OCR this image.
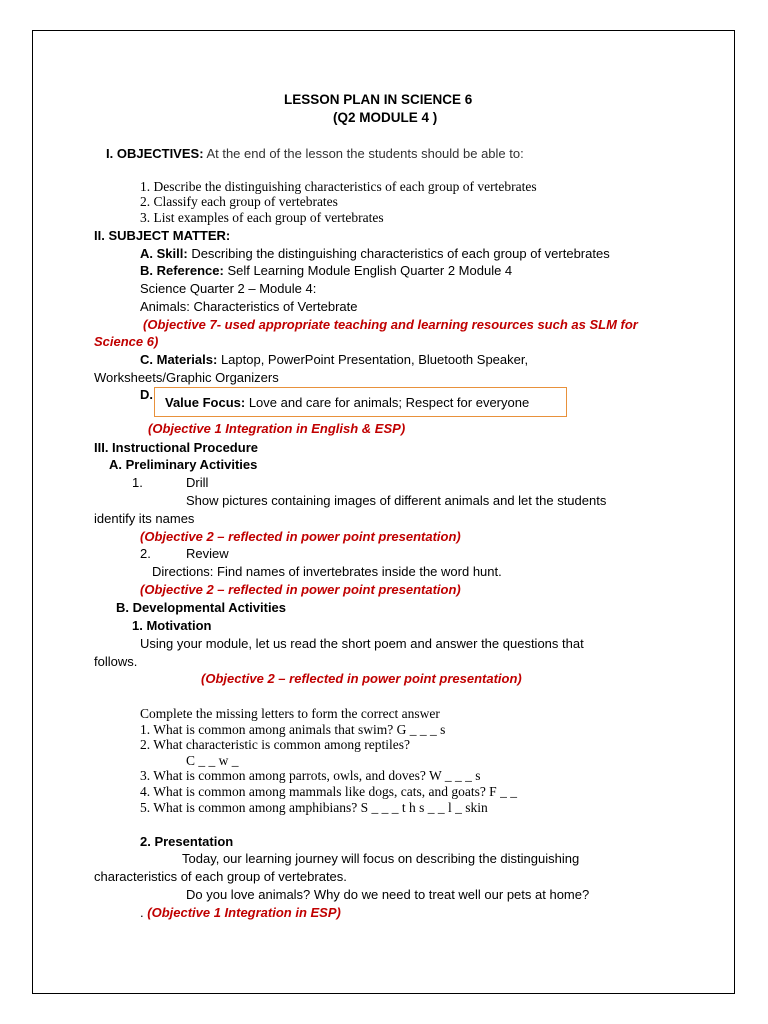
LESSON PLAN IN SCIENCE 6
(Q2 MODULE 4 )
I. OBJECTIVES: At the end of the lesson the students should be able to:
1. Describe the distinguishing characteristics of each group of vertebrates
2. Classify each group of vertebrates
3. List examples of each group of vertebrates
II. SUBJECT MATTER:
A. Skill: Describing the distinguishing characteristics of each group of vertebrates
B. Reference: Self Learning Module English Quarter 2 Module 4
Science Quarter 2 – Module 4:
Animals: Characteristics of Vertebrate
(Objective 7- used appropriate teaching and learning resources such as SLM for
Science 6)
C. Materials: Laptop, PowerPoint Presentation, Bluetooth Speaker,
Worksheets/Graphic Organizers
D.
Value Focus: Love and care for animals; Respect for everyone
(Objective 1 Integration in English & ESP)
III. Instructional Procedure
A. Preliminary Activities
1.	Drill
Show pictures containing images of different animals and let the students
identify its names
(Objective 2 – reflected in power point presentation)
2.	Review
Directions: Find names of invertebrates inside the word hunt.
(Objective 2 – reflected in power point presentation)
B. Developmental Activities
1. Motivation
Using your module, let us read the short poem and answer the questions that
follows.
(Objective 2 – reflected in power point presentation)
Complete the missing letters to form the correct answer
1. What is common among animals that swim? G _ _ _ s
2. What characteristic is common among reptiles?
C _ _ w _
3. What is common among parrots, owls, and doves? W _ _ _ s
4. What is common among mammals like dogs, cats, and goats? F _ _
5. What is common among amphibians? S _ _ _ t h s _ _ l _ skin
2. Presentation
Today, our learning journey will focus on describing the distinguishing
characteristics of each group of vertebrates.
Do you love animals? Why do we need to treat well our pets at home?
. (Objective 1 Integration in ESP)
